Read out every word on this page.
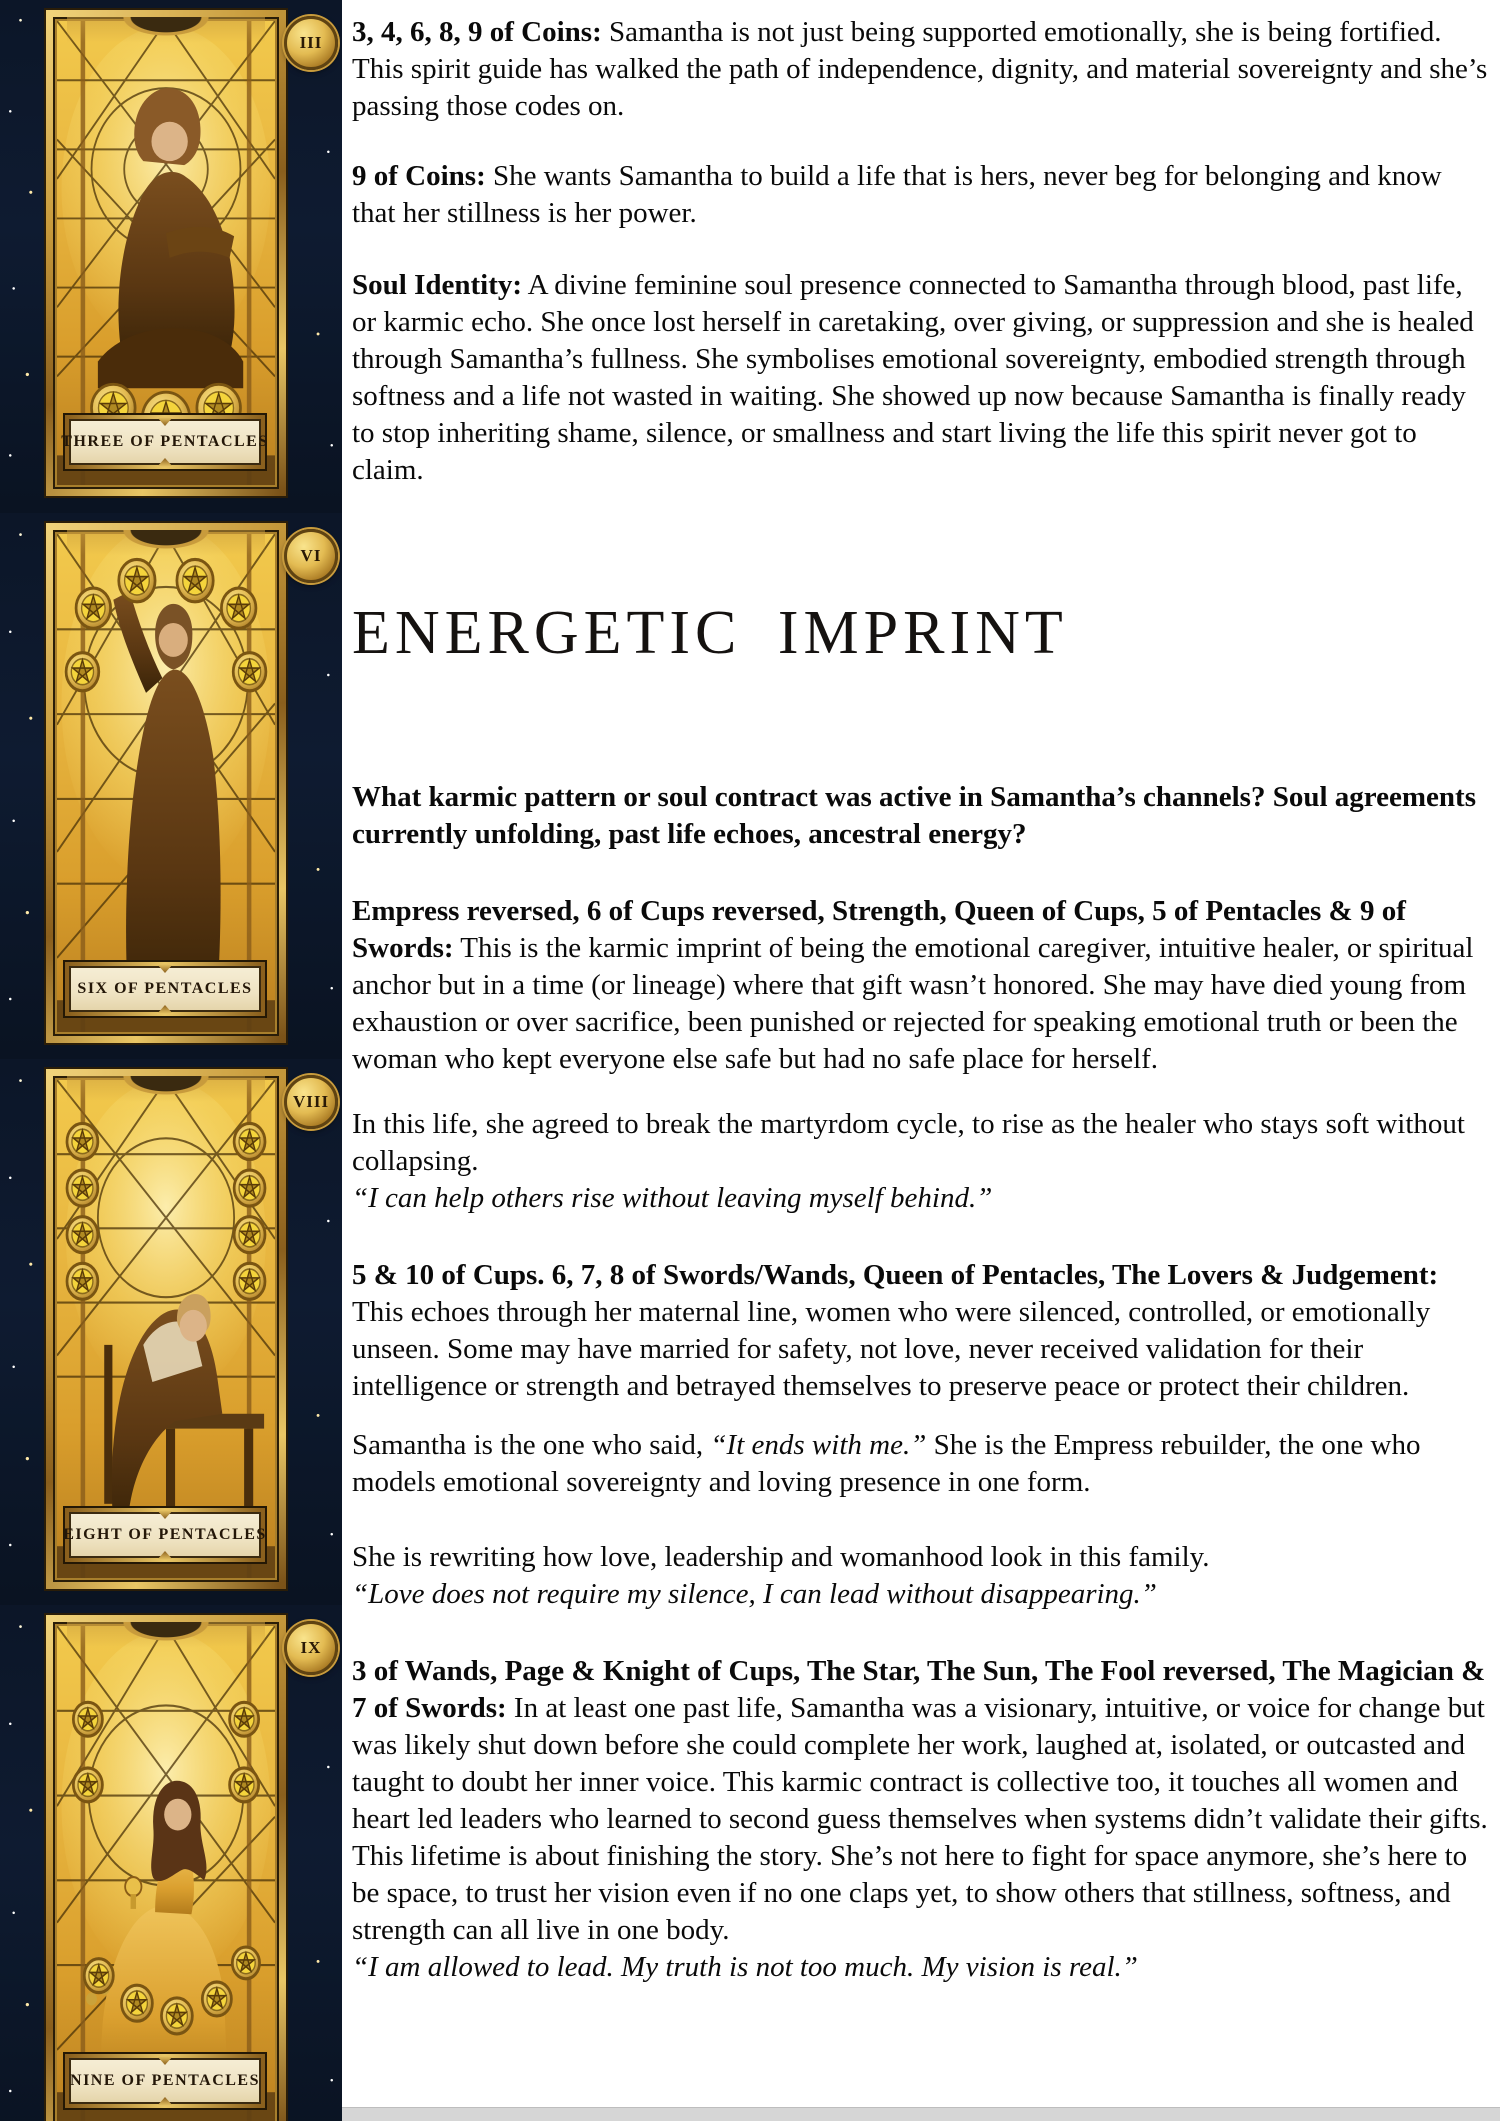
THREE OF PENTACLES
III
SIX OF PENTACLES
VI
EIGHT OF PENTACLES
VIII
NINE OF PENTACLES
IX

3, 4, 6, 8, 9 of Coins: Samantha is not just being supported emotionally, she is being fortified. This spirit guide has walked the path of independence, dignity, and material sovereignty and she’s passing those codes on.

9 of Coins: She wants Samantha to build a life that is hers, never beg for belonging and know that her stillness is her power.

Soul Identity: A divine feminine soul presence connected to Samantha through blood, past life, or karmic echo. She once lost herself in caretaking, over giving, or suppression and she is healed through Samantha’s fullness. She symbolises emotional sovereignty, embodied strength through softness and a life not wasted in waiting. She showed up now because Samantha is finally ready to stop inheriting shame, silence, or smallness and start living the life this spirit never got to claim.

ENERGETIC IMPRINT

What karmic pattern or soul contract was active in Samantha’s channels? Soul agreements currently unfolding, past life echoes, ancestral energy?

Empress reversed, 6 of Cups reversed, Strength, Queen of Cups, 5 of Pentacles & 9 of Swords: This is the karmic imprint of being the emotional caregiver, intuitive healer, or spiritual anchor but in a time (or lineage) where that gift wasn’t honored. She may have died young from exhaustion or over sacrifice, been punished or rejected for speaking emotional truth or been the woman who kept everyone else safe but had no safe place for herself.

In this life, she agreed to break the martyrdom cycle, to rise as the healer who stays soft without collapsing.
“I can help others rise without leaving myself behind.”

5 & 10 of Cups. 6, 7, 8 of Swords/Wands, Queen of Pentacles, The Lovers & Judgement: This echoes through her maternal line, women who were silenced, controlled, or emotionally unseen. Some may have married for safety, not love, never received validation for their intelligence or strength and betrayed themselves to preserve peace or protect their children.

Samantha is the one who said, “It ends with me.” She is the Empress rebuilder, the one who models emotional sovereignty and loving presence in one form.

She is rewriting how love, leadership and womanhood look in this family.
“Love does not require my silence, I can lead without disappearing.”

3 of Wands, Page & Knight of Cups, The Star, The Sun, The Fool reversed, The Magician & 7 of Swords: In at least one past life, Samantha was a visionary, intuitive, or voice for change but was likely shut down before she could complete her work, laughed at, isolated, or outcasted and taught to doubt her inner voice. This karmic contract is collective too, it touches all women and heart led leaders who learned to second guess themselves when systems didn’t validate their gifts. This lifetime is about finishing the story. She’s not here to fight for space anymore, she’s here to be space, to trust her vision even if no one claps yet, to show others that stillness, softness, and strength can all live in one body.
“I am allowed to lead. My truth is not too much. My vision is real.”
